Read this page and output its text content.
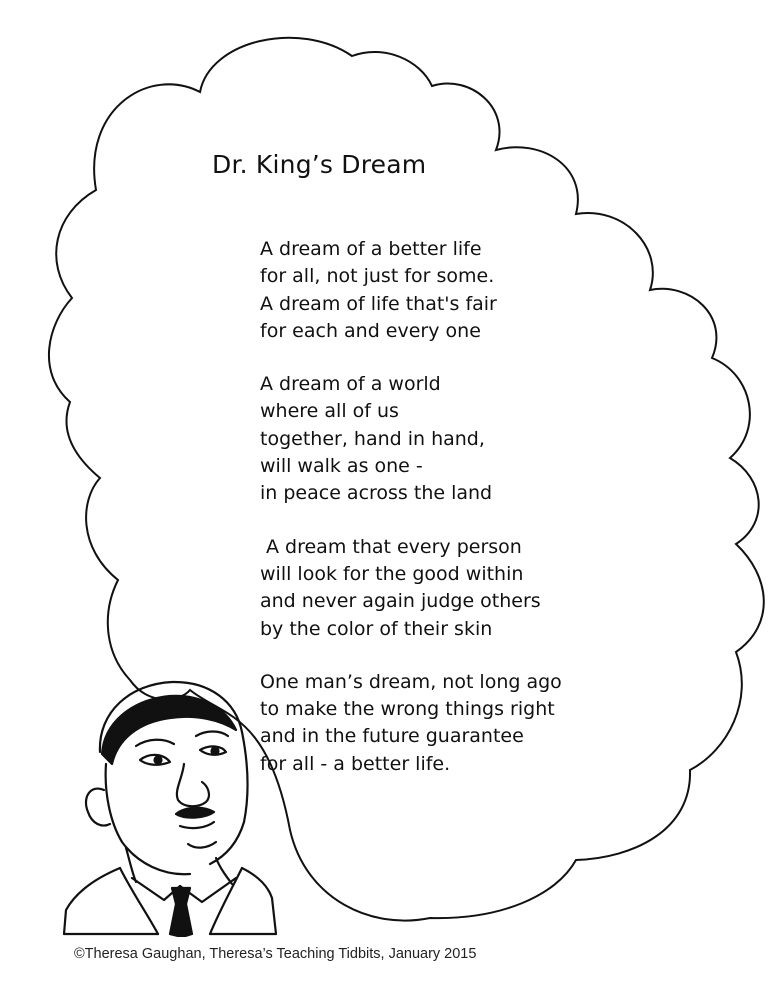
Dr. King’s Dream
A dream of a better life
for all, not just for some.
A dream of life that's fair
for each and every one
A dream of a world
where all of us
together, hand in hand,
will walk as one -
in peace across the land
A dream that every person
will look for the good within
and never again judge others
by the color of their skin
One man’s dream, not long ago
to make the wrong things right
and in the future guarantee
for all - a better life.
©Theresa Gaughan, Theresa’s Teaching Tidbits, January 2015
